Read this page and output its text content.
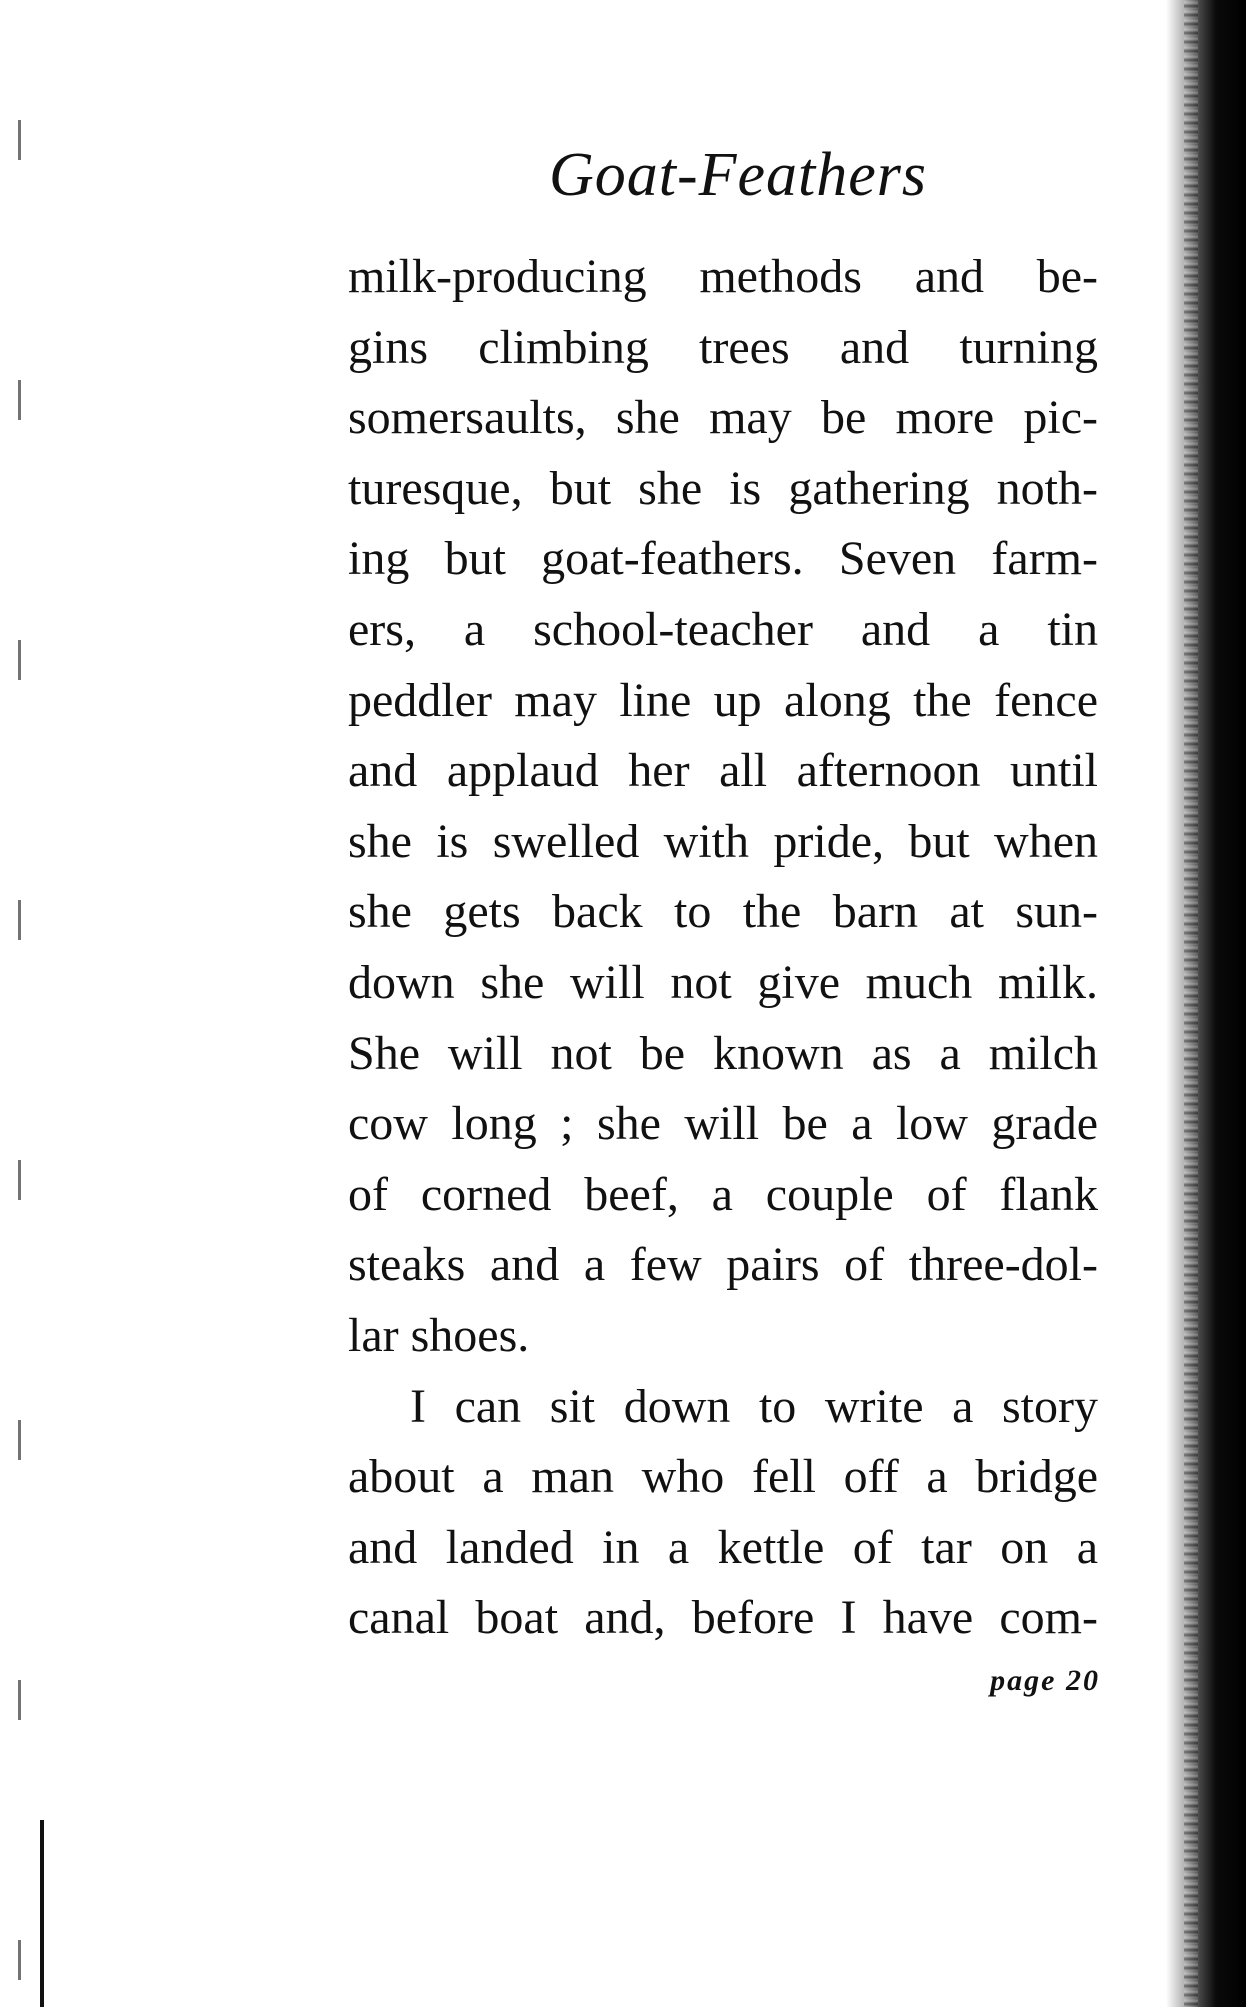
Goat-Feathers
milk-producing methods and be-
gins climbing trees and turning
somersaults, she may be more pic-
turesque, but she is gathering noth-
ing but goat-feathers. Seven farm-
ers, a school-teacher and a tin
peddler may line up along the fence
and applaud her all afternoon until
she is swelled with pride, but when
she gets back to the barn at sun-
down she will not give much milk.
She will not be known as a milch
cow long ; she will be a low grade
of corned beef, a couple of flank
steaks and a few pairs of three-dol-
lar shoes.
I can sit down to write a story
about a man who fell off a bridge
and landed in a kettle of tar on a
canal boat and, before I have com-
page 20
